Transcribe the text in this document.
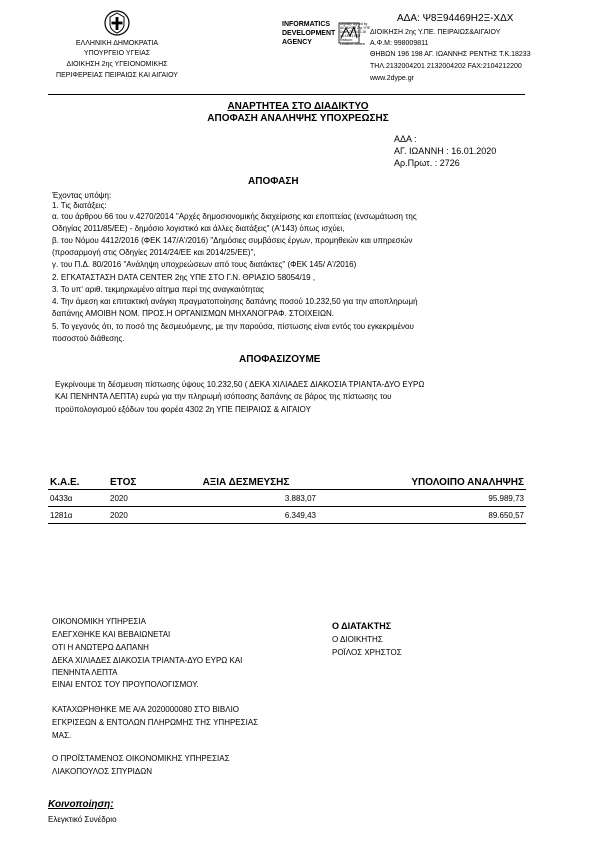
ΕΛΛΗΝΙΚΗ ΔΗΜΟΚΡΑΤΙΑ
ΥΠΟΥΡΓΕΙΟ ΥΓΕΙΑΣ
ΔΙΟΙΚΗΣΗ 2ης ΥΓΕΙΟΝΟΜΙΚΗΣ
ΠΕΡΙΦΕΡΕΙΑΣ ΠΕΙΡΑΙΩΣ ΚΑΙ ΑΙΓΑΙΟΥ
ΑΔΑ: Ψ8Ξ94469Η2Ξ-ΧΔΧ
INFORMATICS
DEVELOPMENT
AGENCY
Digitally signed by
ΔΙΟΙΚΗΣΗ 2ης ΥΠΕ
Date: 2020.01.16
13:15:41 EET
Reason:
Location: Athens
ΔΙΟΙΚΗΣΗ 2ης Υ.ΠΕ. ΠΕΙΡΑΙΩΣ&ΑΙΓΑΙΟΥ
Α.Φ.Μ: 998009811
ΘΗΒΩΝ 196 198 ΑΓ. ΙΩΑΝΝΗΣ ΡΕΝΤΗΣ Τ.Κ.18233
ΤΗΛ.2132004201 2132004202 FAX:2104212200
www.2dype.gr
ΑΝΑΡΤΗΤΕΑ ΣΤΟ ΔΙΑΔΙΚΤΥΟ
ΑΠΟΦΑΣΗ ΑΝΑΛΗΨΗΣ ΥΠΟΧΡΕΩΣΗΣ
ΑΔΑ :
ΑΓ. ΙΩΑΝΝΗ : 16.01.2020
Αρ.Πρωτ. : 2726
ΑΠΟΦΑΣΗ
Έχοντας υπόψη:
1. Τις διατάξεις:
α. του άρθρου 66 του ν.4270/2014 "Αρχές δημοσιονομικής διαχείρισης και εποπτείας (ενσωμάτωση της
Οδηγίας 2011/85/ΕΕ) - δημόσιο λογιστικό και άλλες διατάξεις" (Α'143) όπως ισχύει,
β. του Νόμου 4412/2016 (ΦΕΚ 147/Α'/2016) "Δημόσιες συμβάσεις έργων, προμηθειών και υπηρεσιών
(προσαρμογή στις Οδηγίες 2014/24/ΕΕ και 2014/25/ΕΕ)",
γ. του Π.Δ. 80/2016 "Ανάληψη υποχρεώσεων από τους διατάκτες" (ΦΕΚ 145/ Α'/2016)
2. ΕΓΚΑΤΑΣΤΑΣΗ DATA CENTER 2ης ΥΠΕ ΣΤΟ Γ.Ν. ΘΡΙΑΣΙΟ 58054/19 ,
3. Το υπ' αριθ. τεκμηριωμένο αίτημα περί της αναγκαιότητας
4. Την άμεση και επιτακτική ανάγκη πραγματοποίησης δαπάνης ποσού 10.232,50 για την αποπληρωμή
δαπάνης ΑΜΟΙΒΗ ΝΟΜ. ΠΡΟΣ.Η ΟΡΓΑΝΙΣΜΩΝ ΜΗΧΑΝΟΓΡΑΦ. ΣΤΟΙΧΕΙΩΝ.
5. Το γεγονός ότι, το ποσό της δεσμευόμενης, με την παρούσα, πίστωσης είναι εντός του εγκεκριμένου
ποσοστού διάθεσης.
ΑΠΟΦΑΣΙΖΟΥΜΕ
Εγκρίνουμε τη δέσμευση πίστωσης ύψους 10.232,50 ( ΔΕΚΑ ΧΙΛΙΑΔΕΣ ΔΙΑΚΟΣΙΑ ΤΡΙΑΝΤΑ-ΔΥΟ ΕΥΡΩ
ΚΑΙ ΠΕΝΗΝΤΑ ΛΕΠΤΑ) ευρώ για την πληρωμή ισόποσης δαπάνης σε βάρος της πίστωσης του
προϋπολογισμού εξόδων του φορέα 4302 2η ΥΠΕ ΠΕΙΡΑΙΩΣ & ΑΙΓΑΙΟΥ
Κ.Α.Ε.	ΕΤΟΣ	ΑΞΙΑ ΔΕΣΜΕΥΣΗΣ	ΥΠΟΛΟΙΠΟ ΑΝΑΛΗΨΗΣ
0433α	2020	3.883,07	95.989,73
1281α	2020	6.349,43	89.650,57
ΟΙΚΟΝΟΜΙΚΗ ΥΠΗΡΕΣΙΑ
ΕΛΕΓΧΘΗΚΕ ΚΑΙ ΒΕΒΑΙΩΝΕΤΑΙ
ΟΤΙ Η ΑΝΩΤΕΡΩ ΔΑΠΑΝΗ
ΔΕΚΑ ΧΙΛΙΑΔΕΣ ΔΙΑΚΟΣΙΑ ΤΡΙΑΝΤΑ-ΔΥΟ ΕΥΡΩ ΚΑΙ
ΠΕΝΗΝΤΑ ΛΕΠΤΑ
ΕΙΝΑΙ ΕΝΤΟΣ ΤΟΥ ΠΡΟΥΠΟΛΟΓΙΣΜΟΥ.
Ο ΔΙΑΤΑΚΤΗΣ
Ο ΔΙΟΙΚΗΤΗΣ
ΡΟΪΛΟΣ ΧΡΗΣΤΟΣ
ΚΑΤΑΧΩΡΗΘΗΚΕ ΜΕ Α/Α 2020000080 ΣΤΟ ΒΙΒΛΙΟ
ΕΓΚΡΙΣΕΩΝ & ΕΝΤΟΛΩΝ ΠΛΗΡΩΜΗΣ ΤΗΣ ΥΠΗΡΕΣΙΑΣ
ΜΑΣ.
Ο ΠΡΟΪΣΤΑΜΕΝΟΣ ΟΙΚΟΝΟΜΙΚΗΣ ΥΠΗΡΕΣΙΑΣ
ΛΙΑΚΟΠΟΥΛΟΣ ΣΠΥΡΙΔΩΝ
Κοινοποίηση:
Ελεγκτικό Συνέδριο
